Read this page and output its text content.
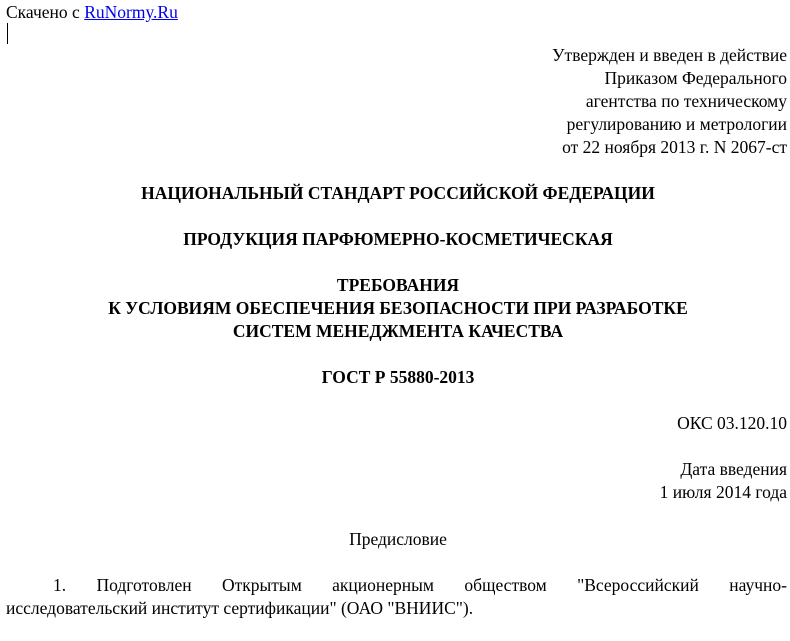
Скачено с RuNormy.Ru
Утвержден и введен в действие
Приказом Федерального
агентства по техническому
регулированию и метрологии
от 22 ноября 2013 г. N 2067-ст
НАЦИОНАЛЬНЫЙ СТАНДАРТ РОССИЙСКОЙ ФЕДЕРАЦИИ
ПРОДУКЦИЯ ПАРФЮМЕРНО-КОСМЕТИЧЕСКАЯ
ТРЕБОВАНИЯ
К УСЛОВИЯМ ОБЕСПЕЧЕНИЯ БЕЗОПАСНОСТИ ПРИ РАЗРАБОТКЕ
СИСТЕМ МЕНЕДЖМЕНТА КАЧЕСТВА
ГОСТ Р 55880-2013
ОКС 03.120.10
Дата введения
1 июля 2014 года
Предисловие
1. Подготовлен Открытым акционерным обществом "Всероссийский научно-
исследовательский институт сертификации" (ОАО "ВНИИС").
